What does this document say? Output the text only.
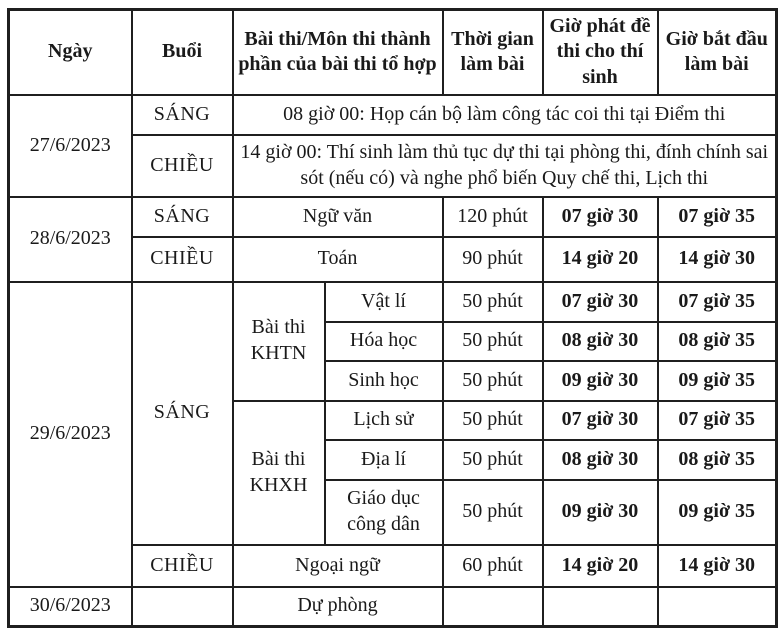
Ngày	Buổi	Bài thi/Môn thi thành phần của bài thi tổ hợp		Thời gian làm bài	Giờ phát đề thi cho thí sinh	Giờ bắt đầu làm bài
27/6/2023	SÁNG	08 giờ 00: Họp cán bộ làm công tác coi thi tại Điểm thi				
	CHIỀU	14 giờ 00: Thí sinh làm thủ tục dự thi tại phòng thi, đính chính sai sót (nếu có) và nghe phổ biến Quy chế thi, Lịch thi				
28/6/2023	SÁNG	Ngữ văn		120 phút	07 giờ 30	07 giờ 35
	CHIỀU	Toán		90 phút	14 giờ 20	14 giờ 30
29/6/2023	SÁNG	Bài thi KHTN	Vật lí	50 phút	07 giờ 30	07 giờ 35
			Hóa học	50 phút	08 giờ 30	08 giờ 35
			Sinh học	50 phút	09 giờ 30	09 giờ 35
		Bài thi KHXH	Lịch sử	50 phút	07 giờ 30	07 giờ 35
			Địa lí	50 phút	08 giờ 30	08 giờ 35
			Giáo dục công dân	50 phút	09 giờ 30	09 giờ 35
	CHIỀU	Ngoại ngữ		60 phút	14 giờ 20	14 giờ 30
30/6/2023		Dự phòng				
